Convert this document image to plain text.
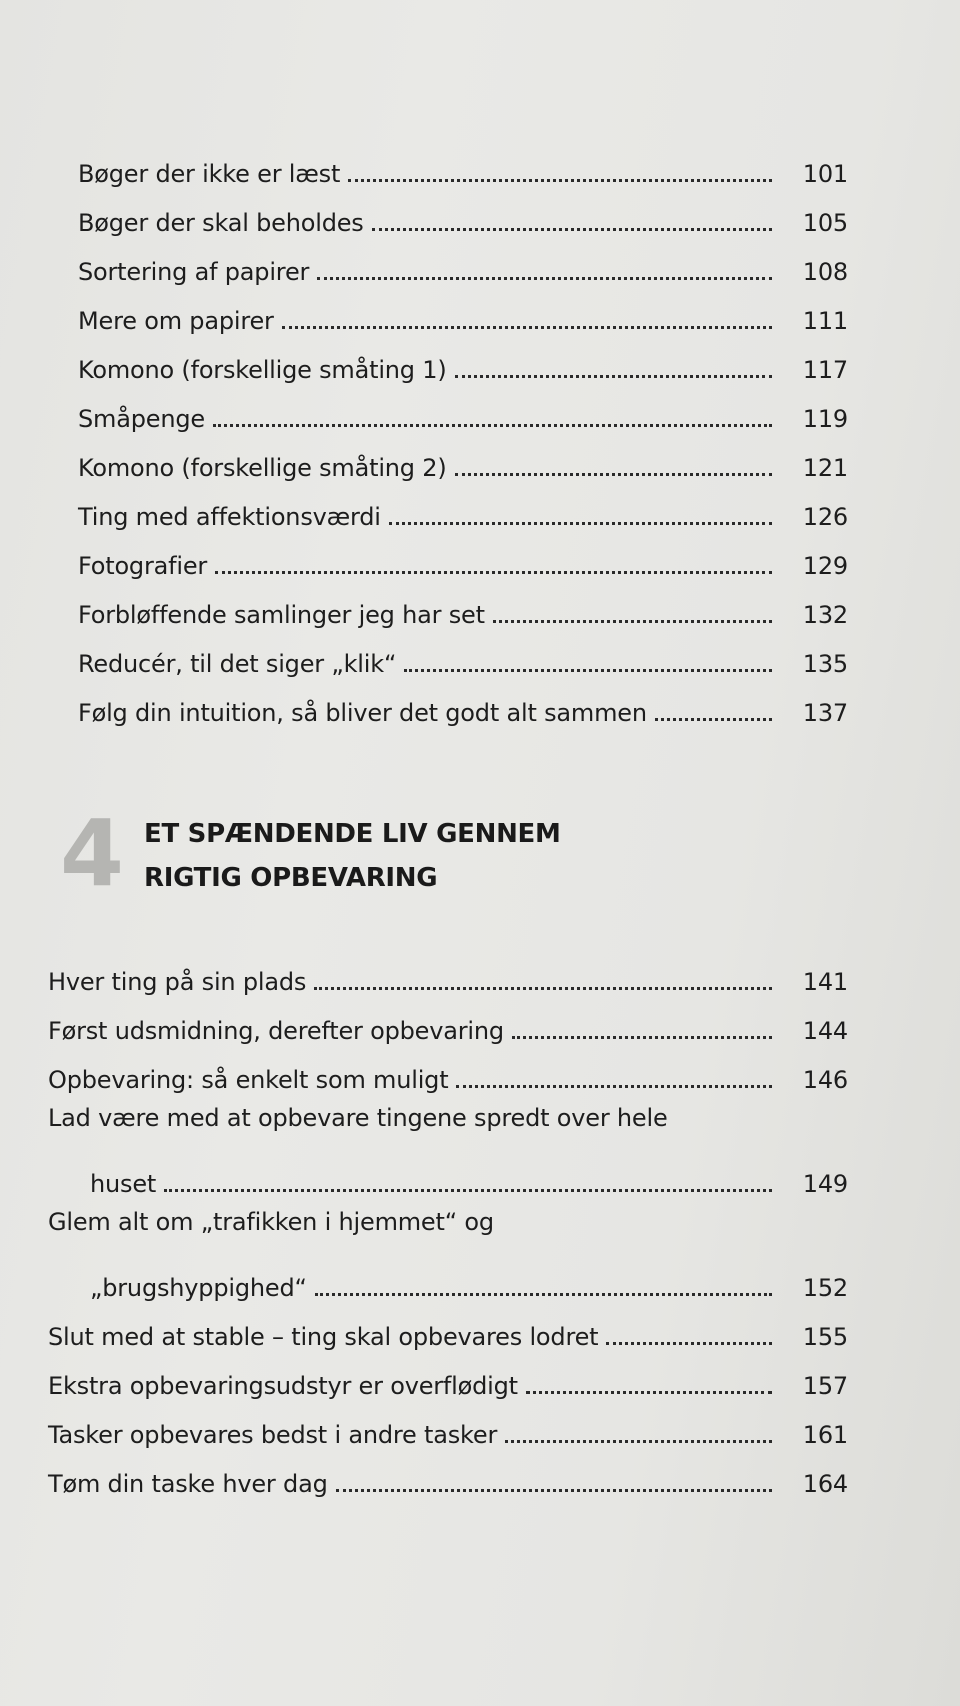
Bøger der ikke er læst	101
Bøger der skal beholdes	105
Sortering af papirer	108
Mere om papirer	111
Komono (forskellige småting 1)	117
Småpenge	119
Komono (forskellige småting 2)	121
Ting med affektionsværdi	126
Fotografier	129
Forbløffende samlinger jeg har set	132
Reducér, til det siger „klik“	135
Følg din intuition, så bliver det godt alt sammen	137
4 ET SPÆNDENDE LIV GENNEM
RIGTIG OPBEVARING
Hver ting på sin plads	141
Først udsmidning, derefter opbevaring	144
Opbevaring: så enkelt som muligt	146
Lad være med at opbevare tingene spredt over hele
huset	149
Glem alt om „trafikken i hjemmet“ og
„brugshyppighed“	152
Slut med at stable – ting skal opbevares lodret	155
Ekstra opbevaringsudstyr er overflødigt	157
Tasker opbevares bedst i andre tasker	161
Tøm din taske hver dag	164
